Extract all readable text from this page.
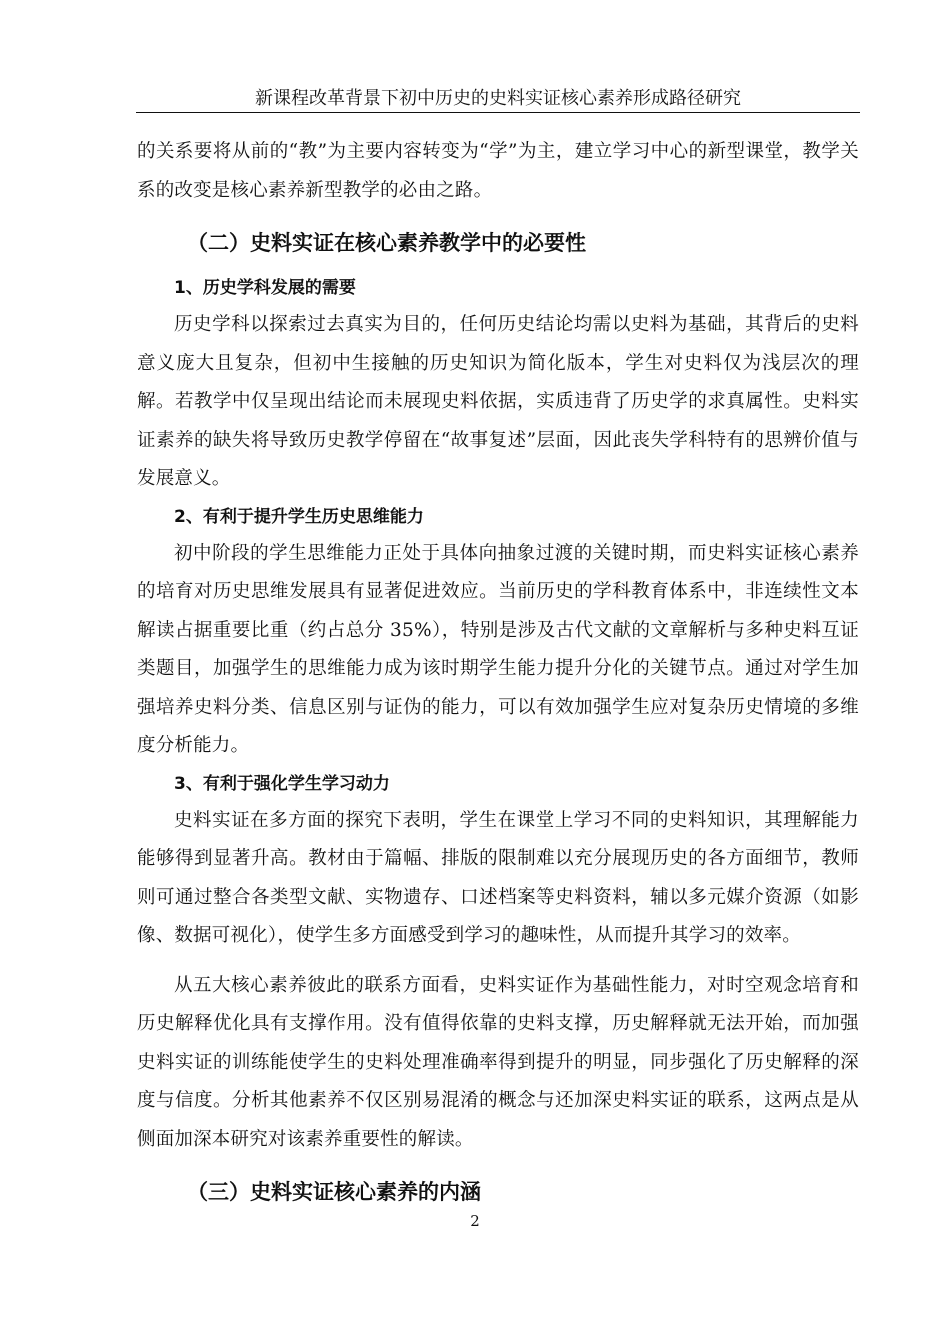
新课程改革背景下初中历史的史料实证核心素养形成路径研究

的关系要将从前的“教”为主要内容转变为“学”为主，建立学习中心的新型课堂，教学关系的改变是核心素养新型教学的必由之路。

（二）史料实证在核心素养教学中的必要性
1、历史学科发展的需要

历史学科以探索过去真实为目的，任何历史结论均需以史料为基础，其背后的史料意义庞大且复杂，但初中生接触的历史知识为简化版本，学生对史料仅为浅层次的理解。若教学中仅呈现出结论而未展现史料依据，实质违背了历史学的求真属性。史料实证素养的缺失将导致历史教学停留在“故事复述”层面，因此丧失学科特有的思辨价值与发展意义。

2、有利于提升学生历史思维能力

初中阶段的学生思维能力正处于具体向抽象过渡的关键时期，而史料实证核心素养的培育对历史思维发展具有显著促进效应。当前历史的学科教育体系中，非连续性文本解读占据重要比重（约占总分 35%），特别是涉及古代文献的文章解析与多种史料互证类题目，加强学生的思维能力成为该时期学生能力提升分化的关键节点。通过对学生加强培养史料分类、信息区别与证伪的能力，可以有效加强学生应对复杂历史情境的多维度分析能力。

3、有利于强化学生学习动力

史料实证在多方面的探究下表明，学生在课堂上学习不同的史料知识，其理解能力能够得到显著升高。教材由于篇幅、排版的限制难以充分展现历史的各方面细节，教师则可通过整合各类型文献、实物遗存、口述档案等史料资料，辅以多元媒介资源（如影像、数据可视化），使学生多方面感受到学习的趣味性，从而提升其学习的效率。

从五大核心素养彼此的联系方面看，史料实证作为基础性能力，对时空观念培育和历史解释优化具有支撑作用。没有值得依靠的史料支撑，历史解释就无法开始，而加强史料实证的训练能使学生的史料处理准确率得到提升的明显，同步强化了历史解释的深度与信度。分析其他素养不仅区别易混淆的概念与还加深史料实证的联系，这两点是从侧面加深本研究对该素养重要性的解读。

（三）史料实证核心素养的内涵
2
